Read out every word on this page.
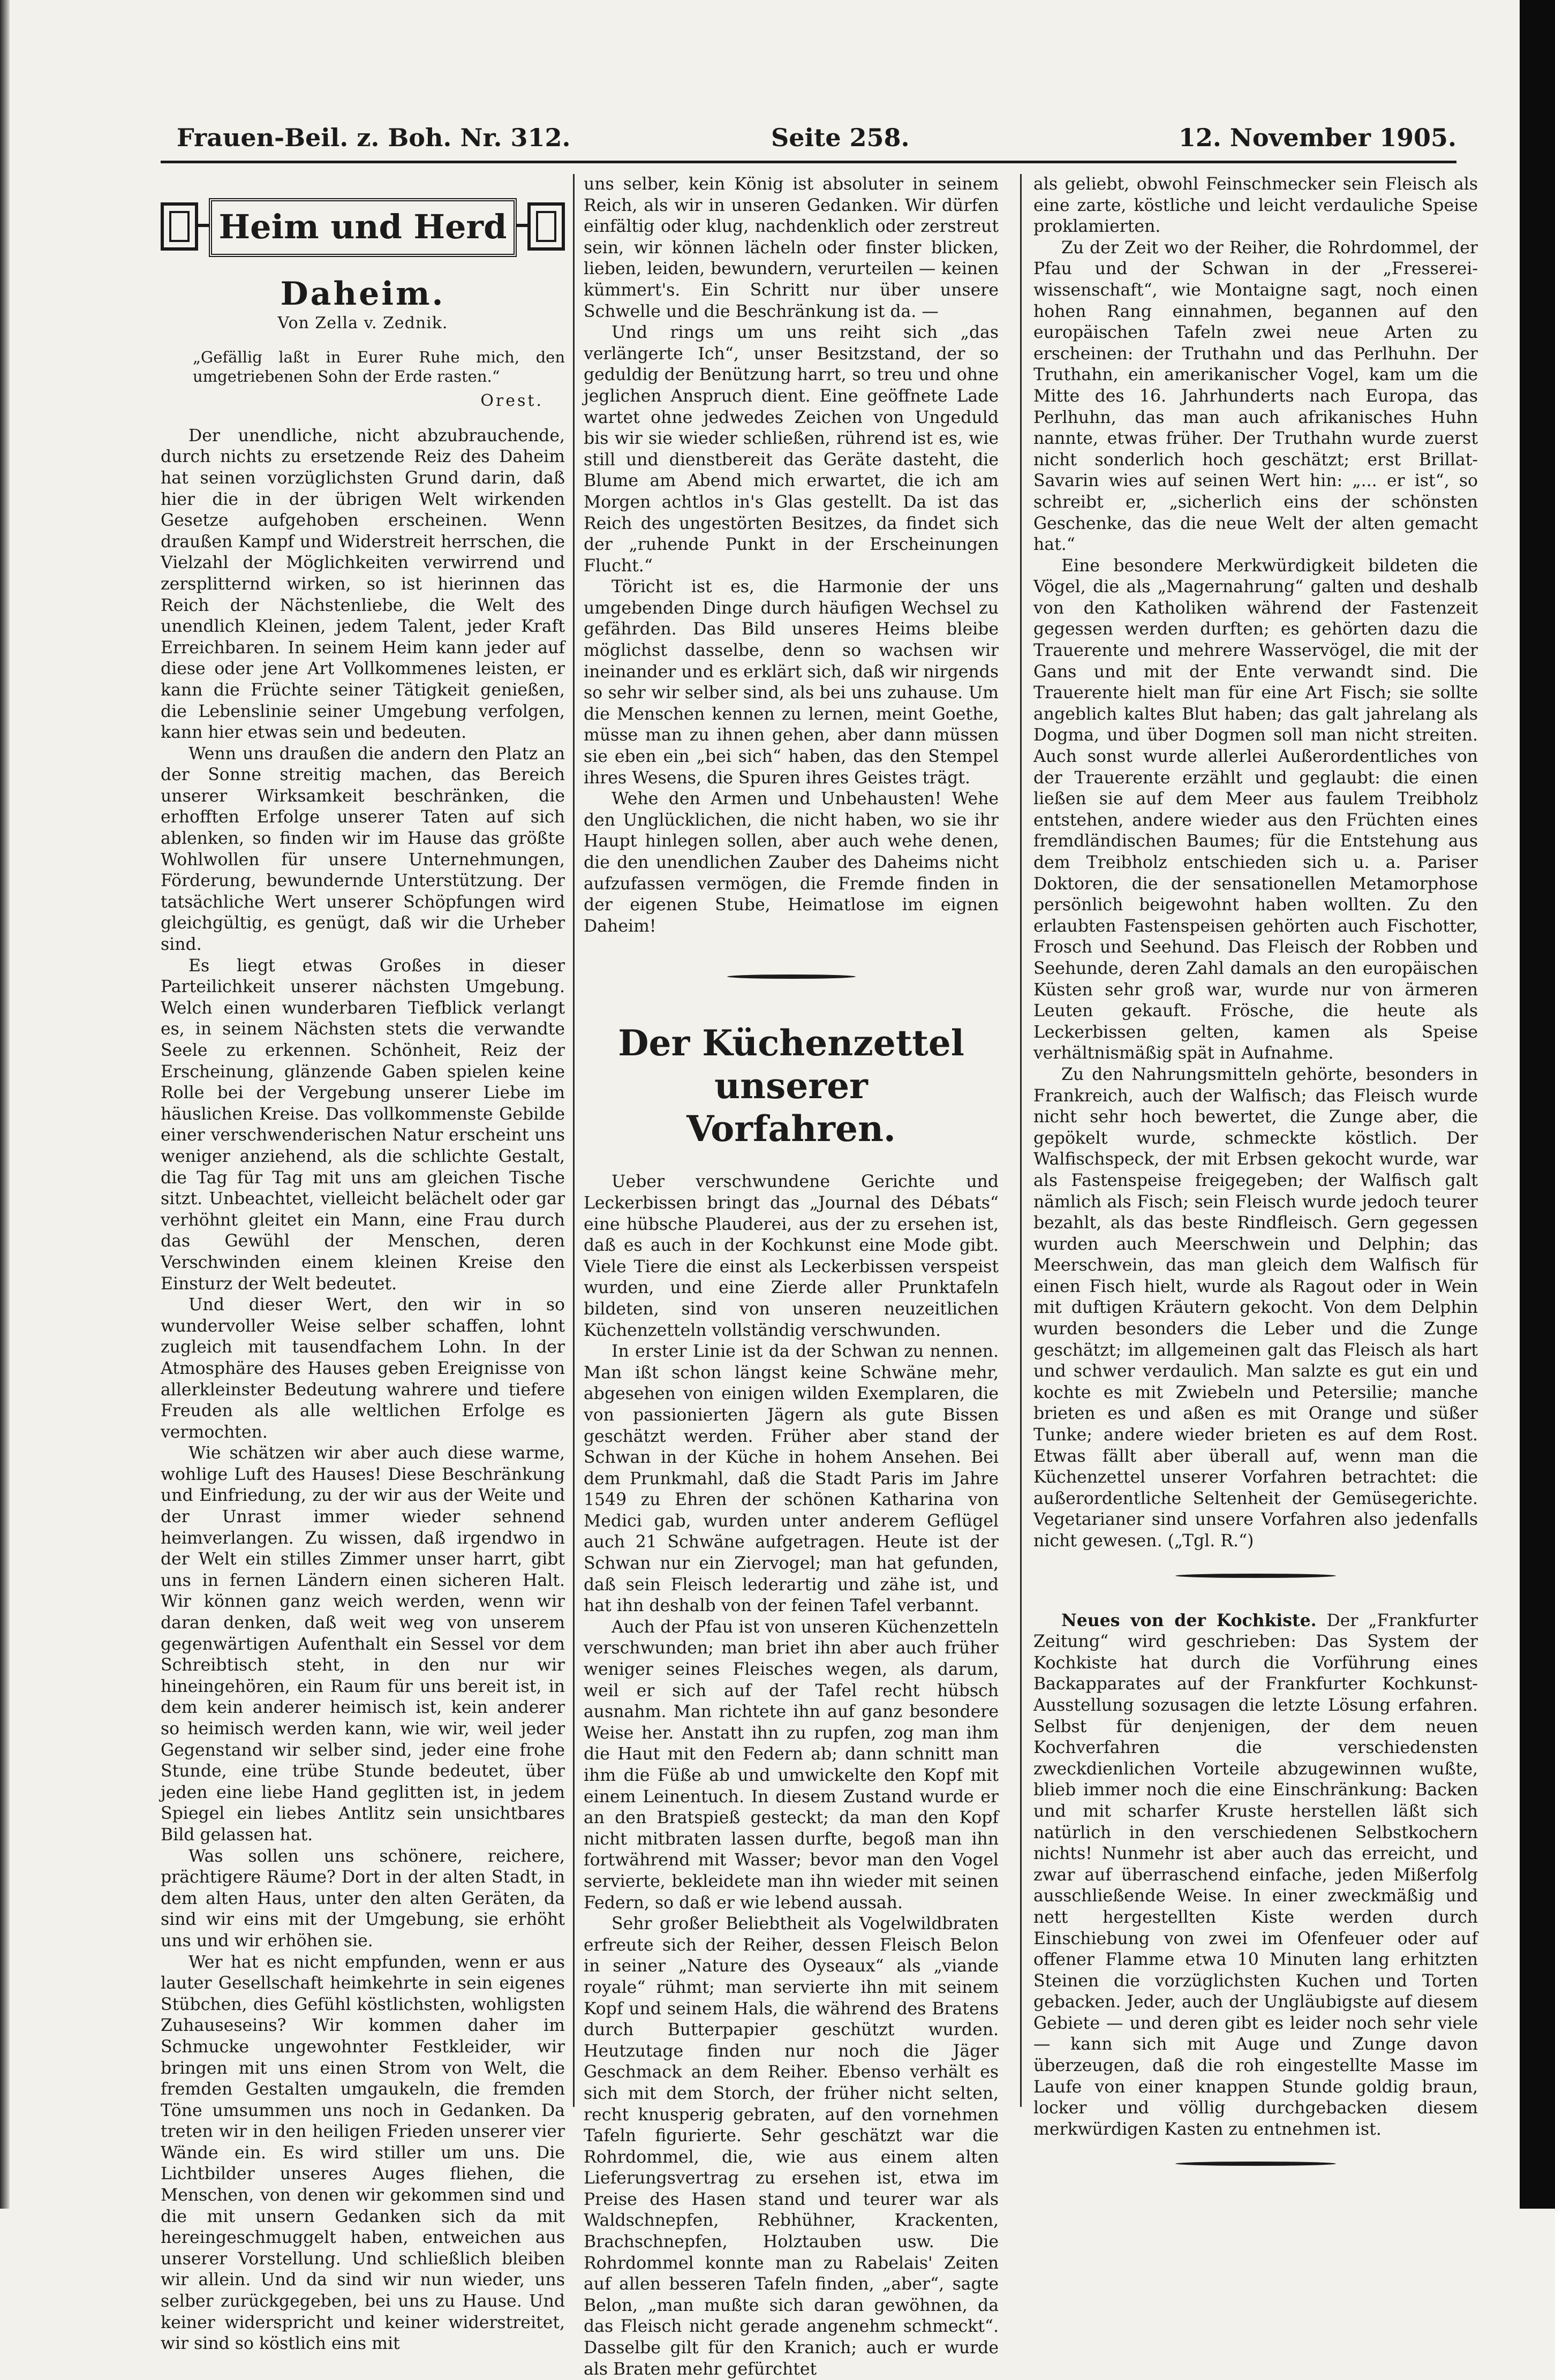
Frauen-Beil. z. Boh. Nr. 312.	Seite 258.	12. November 1905.
Heim und Herd
Daheim.
Von Zella v. Zednik.
„Gefällig laßt in Eurer Ruhe mich, den umgetriebenen Sohn der Erde rasten.“
Orest.

Der unendliche, nicht abzubrauchende, durch nichts zu ersetzende Reiz des Daheim hat seinen vorzüglichsten Grund darin, daß hier die in der übrigen Welt wirkenden Gesetze aufgehoben erscheinen. Wenn draußen Kampf und Widerstreit herrschen, die Vielzahl der Möglichkeiten verwirrend und zersplitternd wirken, so ist hierinnen das Reich der Nächstenliebe, die Welt des unendlich Kleinen, jedem Talent, jeder Kraft Erreichbaren. In seinem Heim kann jeder auf diese oder jene Art Vollkommenes leisten, er kann die Früchte seiner Tätigkeit genießen, die Lebenslinie seiner Umgebung verfolgen, kann hier etwas sein und bedeuten.

Wenn uns draußen die andern den Platz an der Sonne streitig machen, das Bereich unserer Wirksamkeit beschränken, die erhofften Erfolge unserer Taten auf sich ablenken, so finden wir im Hause das größte Wohlwollen für unsere Unternehmungen, Förderung, bewundernde Unterstützung. Der tatsächliche Wert unserer Schöpfungen wird gleichgültig, es genügt, daß wir die Urheber sind.

Es liegt etwas Großes in dieser Parteilichkeit unserer nächsten Umgebung. Welch einen wunderbaren Tiefblick verlangt es, in seinem Nächsten stets die verwandte Seele zu erkennen. Schönheit, Reiz der Erscheinung, glänzende Gaben spielen keine Rolle bei der Vergebung unserer Liebe im häuslichen Kreise. Das vollkommenste Gebilde einer verschwenderischen Natur erscheint uns weniger anziehend, als die schlichte Gestalt, die Tag für Tag mit uns am gleichen Tische sitzt. Unbeachtet, vielleicht belächelt oder gar verhöhnt gleitet ein Mann, eine Frau durch das Gewühl der Menschen, deren Verschwinden einem kleinen Kreise den Einsturz der Welt bedeutet.

Und dieser Wert, den wir in so wundervoller Weise selber schaffen, lohnt zugleich mit tausendfachem Lohn. In der Atmosphäre des Hauses geben Ereignisse von allerkleinster Bedeutung wahrere und tiefere Freuden als alle weltlichen Erfolge es vermochten.

Wie schätzen wir aber auch diese warme, wohlige Luft des Hauses! Diese Beschränkung und Einfriedung, zu der wir aus der Weite und der Unrast immer wieder sehnend heimverlangen. Zu wissen, daß irgendwo in der Welt ein stilles Zimmer unser harrt, gibt uns in fernen Ländern einen sicheren Halt. Wir können ganz weich werden, wenn wir daran denken, daß weit weg von unserem gegenwärtigen Aufenthalt ein Sessel vor dem Schreibtisch steht, in den nur wir hineingehören, ein Raum für uns bereit ist, in dem kein anderer heimisch ist, kein anderer so heimisch werden kann, wie wir, weil jeder Gegenstand wir selber sind, jeder eine frohe Stunde, eine trübe Stunde bedeutet, über jeden eine liebe Hand geglitten ist, in jedem Spiegel ein liebes Antlitz sein unsichtbares Bild gelassen hat.

Was sollen uns schönere, reichere, prächtigere Räume? Dort in der alten Stadt, in dem alten Haus, unter den alten Geräten, da sind wir eins mit der Umgebung, sie erhöht uns und wir erhöhen sie.

Wer hat es nicht empfunden, wenn er aus lauter Gesellschaft heimkehrte in sein eigenes Stübchen, dies Gefühl köstlichsten, wohligsten Zuhauseseins? Wir kommen daher im Schmucke ungewohnter Festkleider, wir bringen mit uns einen Strom von Welt, die fremden Gestalten umgaukeln, die fremden Töne umsummen uns noch in Gedanken. Da treten wir in den heiligen Frieden unserer vier Wände ein. Es wird stiller um uns. Die Lichtbilder unseres Auges fliehen, die Menschen, von denen wir gekommen sind und die mit unsern Gedanken sich da mit hereingeschmuggelt haben, entweichen aus unserer Vorstellung. Und schließlich bleiben wir allein. Und da sind wir nun wieder, uns selber zurückgegeben, bei uns zu Hause. Und keiner widerspricht und keiner widerstreitet, wir sind so köstlich eins mit

uns selber, kein König ist absoluter in seinem Reich, als wir in unseren Gedanken. Wir dürfen einfältig oder klug, nachdenklich oder zerstreut sein, wir können lächeln oder finster blicken, lieben, leiden, bewundern, verurteilen — keinen kümmert's. Ein Schritt nur über unsere Schwelle und die Beschränkung ist da. —

Und rings um uns reiht sich „das verlängerte Ich“, unser Besitzstand, der so geduldig der Benützung harrt, so treu und ohne jeglichen Anspruch dient. Eine geöffnete Lade wartet ohne jedwedes Zeichen von Ungeduld bis wir sie wieder schließen, rührend ist es, wie still und dienstbereit das Geräte dasteht, die Blume am Abend mich erwartet, die ich am Morgen achtlos in's Glas gestellt. Da ist das Reich des ungestörten Besitzes, da findet sich der „ruhende Punkt in der Erscheinungen Flucht.“

Töricht ist es, die Harmonie der uns umgebenden Dinge durch häufigen Wechsel zu gefährden. Das Bild unseres Heims bleibe möglichst dasselbe, denn so wachsen wir ineinander und es erklärt sich, daß wir nirgends so sehr wir selber sind, als bei uns zuhause. Um die Menschen kennen zu lernen, meint Goethe, müsse man zu ihnen gehen, aber dann müssen sie eben ein „bei sich“ haben, das den Stempel ihres Wesens, die Spuren ihres Geistes trägt.

Wehe den Armen und Unbehausten! Wehe den Unglücklichen, die nicht haben, wo sie ihr Haupt hinlegen sollen, aber auch wehe denen, die den unendlichen Zauber des Daheims nicht aufzufassen vermögen, die Fremde finden in der eigenen Stube, Heimatlose im eignen Daheim!

Der Küchenzettel unserer
Vorfahren.

Ueber verschwundene Gerichte und Leckerbissen bringt das „Journal des Débats“ eine hübsche Plauderei, aus der zu ersehen ist, daß es auch in der Kochkunst eine Mode gibt. Viele Tiere die einst als Leckerbissen verspeist wurden, und eine Zierde aller Prunktafeln bildeten, sind von unseren neuzeitlichen Küchenzetteln vollständig verschwunden.

In erster Linie ist da der Schwan zu nennen. Man ißt schon längst keine Schwäne mehr, abgesehen von einigen wilden Exemplaren, die von passionierten Jägern als gute Bissen geschätzt werden. Früher aber stand der Schwan in der Küche in hohem Ansehen. Bei dem Prunkmahl, daß die Stadt Paris im Jahre 1549 zu Ehren der schönen Katharina von Medici gab, wurden unter anderem Geflügel auch 21 Schwäne aufgetragen. Heute ist der Schwan nur ein Ziervogel; man hat gefunden, daß sein Fleisch lederartig und zähe ist, und hat ihn deshalb von der feinen Tafel verbannt.

Auch der Pfau ist von unseren Küchenzetteln verschwunden; man briet ihn aber auch früher weniger seines Fleisches wegen, als darum, weil er sich auf der Tafel recht hübsch ausnahm. Man richtete ihn auf ganz besondere Weise her. Anstatt ihn zu rupfen, zog man ihm die Haut mit den Federn ab; dann schnitt man ihm die Füße ab und umwickelte den Kopf mit einem Leinentuch. In diesem Zustand wurde er an den Bratspieß gesteckt; da man den Kopf nicht mitbraten lassen durfte, begoß man ihn fortwährend mit Wasser; bevor man den Vogel servierte, bekleidete man ihn wieder mit seinen Federn, so daß er wie lebend aussah.

Sehr großer Beliebtheit als Vogelwildbraten erfreute sich der Reiher, dessen Fleisch Belon in seiner „Nature des Oyseaux“ als „viande royale“ rühmt; man servierte ihn mit seinem Kopf und seinem Hals, die während des Bratens durch Butterpapier geschützt wurden. Heutzutage finden nur noch die Jäger Geschmack an dem Reiher. Ebenso verhält es sich mit dem Storch, der früher nicht selten, recht knusperig gebraten, auf den vornehmen Tafeln figurierte. Sehr geschätzt war die Rohrdommel, die, wie aus einem alten Lieferungsvertrag zu ersehen ist, etwa im Preise des Hasen stand und teurer war als Waldschnepfen, Rebhühner, Krackenten, Brachschnepfen, Holztauben usw. Die Rohrdommel konnte man zu Rabelais' Zeiten auf allen besseren Tafeln finden, „aber“, sagte Belon, „man mußte sich daran gewöhnen, da das Fleisch nicht gerade angenehm schmeckt“. Dasselbe gilt für den Kranich; auch er wurde als Braten mehr gefürchtet

als geliebt, obwohl Feinschmecker sein Fleisch als eine zarte, köstliche und leicht verdauliche Speise proklamierten.

Zu der Zeit wo der Reiher, die Rohrdommel, der Pfau und der Schwan in der „Fresserei-wissenschaft“, wie Montaigne sagt, noch einen hohen Rang einnahmen, begannen auf den europäischen Tafeln zwei neue Arten zu erscheinen: der Truthahn und das Perlhuhn. Der Truthahn, ein amerikanischer Vogel, kam um die Mitte des 16. Jahrhunderts nach Europa, das Perlhuhn, das man auch afrikanisches Huhn nannte, etwas früher. Der Truthahn wurde zuerst nicht sonderlich hoch geschätzt; erst Brillat-Savarin wies auf seinen Wert hin: „... er ist“, so schreibt er, „sicherlich eins der schönsten Geschenke, das die neue Welt der alten gemacht hat.“

Eine besondere Merkwürdigkeit bildeten die Vögel, die als „Magernahrung“ galten und deshalb von den Katholiken während der Fastenzeit gegessen werden durften; es gehörten dazu die Trauerente und mehrere Wasservögel, die mit der Gans und mit der Ente verwandt sind. Die Trauerente hielt man für eine Art Fisch; sie sollte angeblich kaltes Blut haben; das galt jahrelang als Dogma, und über Dogmen soll man nicht streiten. Auch sonst wurde allerlei Außerordentliches von der Trauerente erzählt und geglaubt: die einen ließen sie auf dem Meer aus faulem Treibholz entstehen, andere wieder aus den Früchten eines fremdländischen Baumes; für die Entstehung aus dem Treibholz entschieden sich u. a. Pariser Doktoren, die der sensationellen Metamorphose persönlich beigewohnt haben wollten. Zu den erlaubten Fastenspeisen gehörten auch Fischotter, Frosch und Seehund. Das Fleisch der Robben und Seehunde, deren Zahl damals an den europäischen Küsten sehr groß war, wurde nur von ärmeren Leuten gekauft. Frösche, die heute als Leckerbissen gelten, kamen als Speise verhältnismäßig spät in Aufnahme.

Zu den Nahrungsmitteln gehörte, besonders in Frankreich, auch der Walfisch; das Fleisch wurde nicht sehr hoch bewertet, die Zunge aber, die gepökelt wurde, schmeckte köstlich. Der Walfischspeck, der mit Erbsen gekocht wurde, war als Fastenspeise freigegeben; der Walfisch galt nämlich als Fisch; sein Fleisch wurde jedoch teurer bezahlt, als das beste Rindfleisch. Gern gegessen wurden auch Meerschwein und Delphin; das Meerschwein, das man gleich dem Walfisch für einen Fisch hielt, wurde als Ragout oder in Wein mit duftigen Kräutern gekocht. Von dem Delphin wurden besonders die Leber und die Zunge geschätzt; im allgemeinen galt das Fleisch als hart und schwer verdaulich. Man salzte es gut ein und kochte es mit Zwiebeln und Petersilie; manche brieten es und aßen es mit Orange und süßer Tunke; andere wieder brieten es auf dem Rost. Etwas fällt aber überall auf, wenn man die Küchenzettel unserer Vorfahren betrachtet: die außerordentliche Seltenheit der Gemüsegerichte. Vegetarianer sind unsere Vorfahren also jedenfalls nicht gewesen. („Tgl. R.“)

Neues von der Kochkiste. Der „Frankfurter Zeitung“ wird geschrieben: Das System der Kochkiste hat durch die Vorführung eines Backapparates auf der Frankfurter Kochkunst-Ausstellung sozusagen die letzte Lösung erfahren. Selbst für denjenigen, der dem neuen Kochverfahren die verschiedensten zweckdienlichen Vorteile abzugewinnen wußte, blieb immer noch die eine Einschränkung: Backen und mit scharfer Kruste herstellen läßt sich natürlich in den verschiedenen Selbstkochern nichts! Nunmehr ist aber auch das erreicht, und zwar auf überraschend einfache, jeden Mißerfolg ausschließende Weise. In einer zweckmäßig und nett hergestellten Kiste werden durch Einschiebung von zwei im Ofenfeuer oder auf offener Flamme etwa 10 Minuten lang erhitzten Steinen die vorzüglichsten Kuchen und Torten gebacken. Jeder, auch der Ungläubigste auf diesem Gebiete — und deren gibt es leider noch sehr viele — kann sich mit Auge und Zunge davon überzeugen, daß die roh eingestellte Masse im Laufe von einer knappen Stunde goldig braun, locker und völlig durchgebacken diesem merkwürdigen Kasten zu entnehmen ist.
